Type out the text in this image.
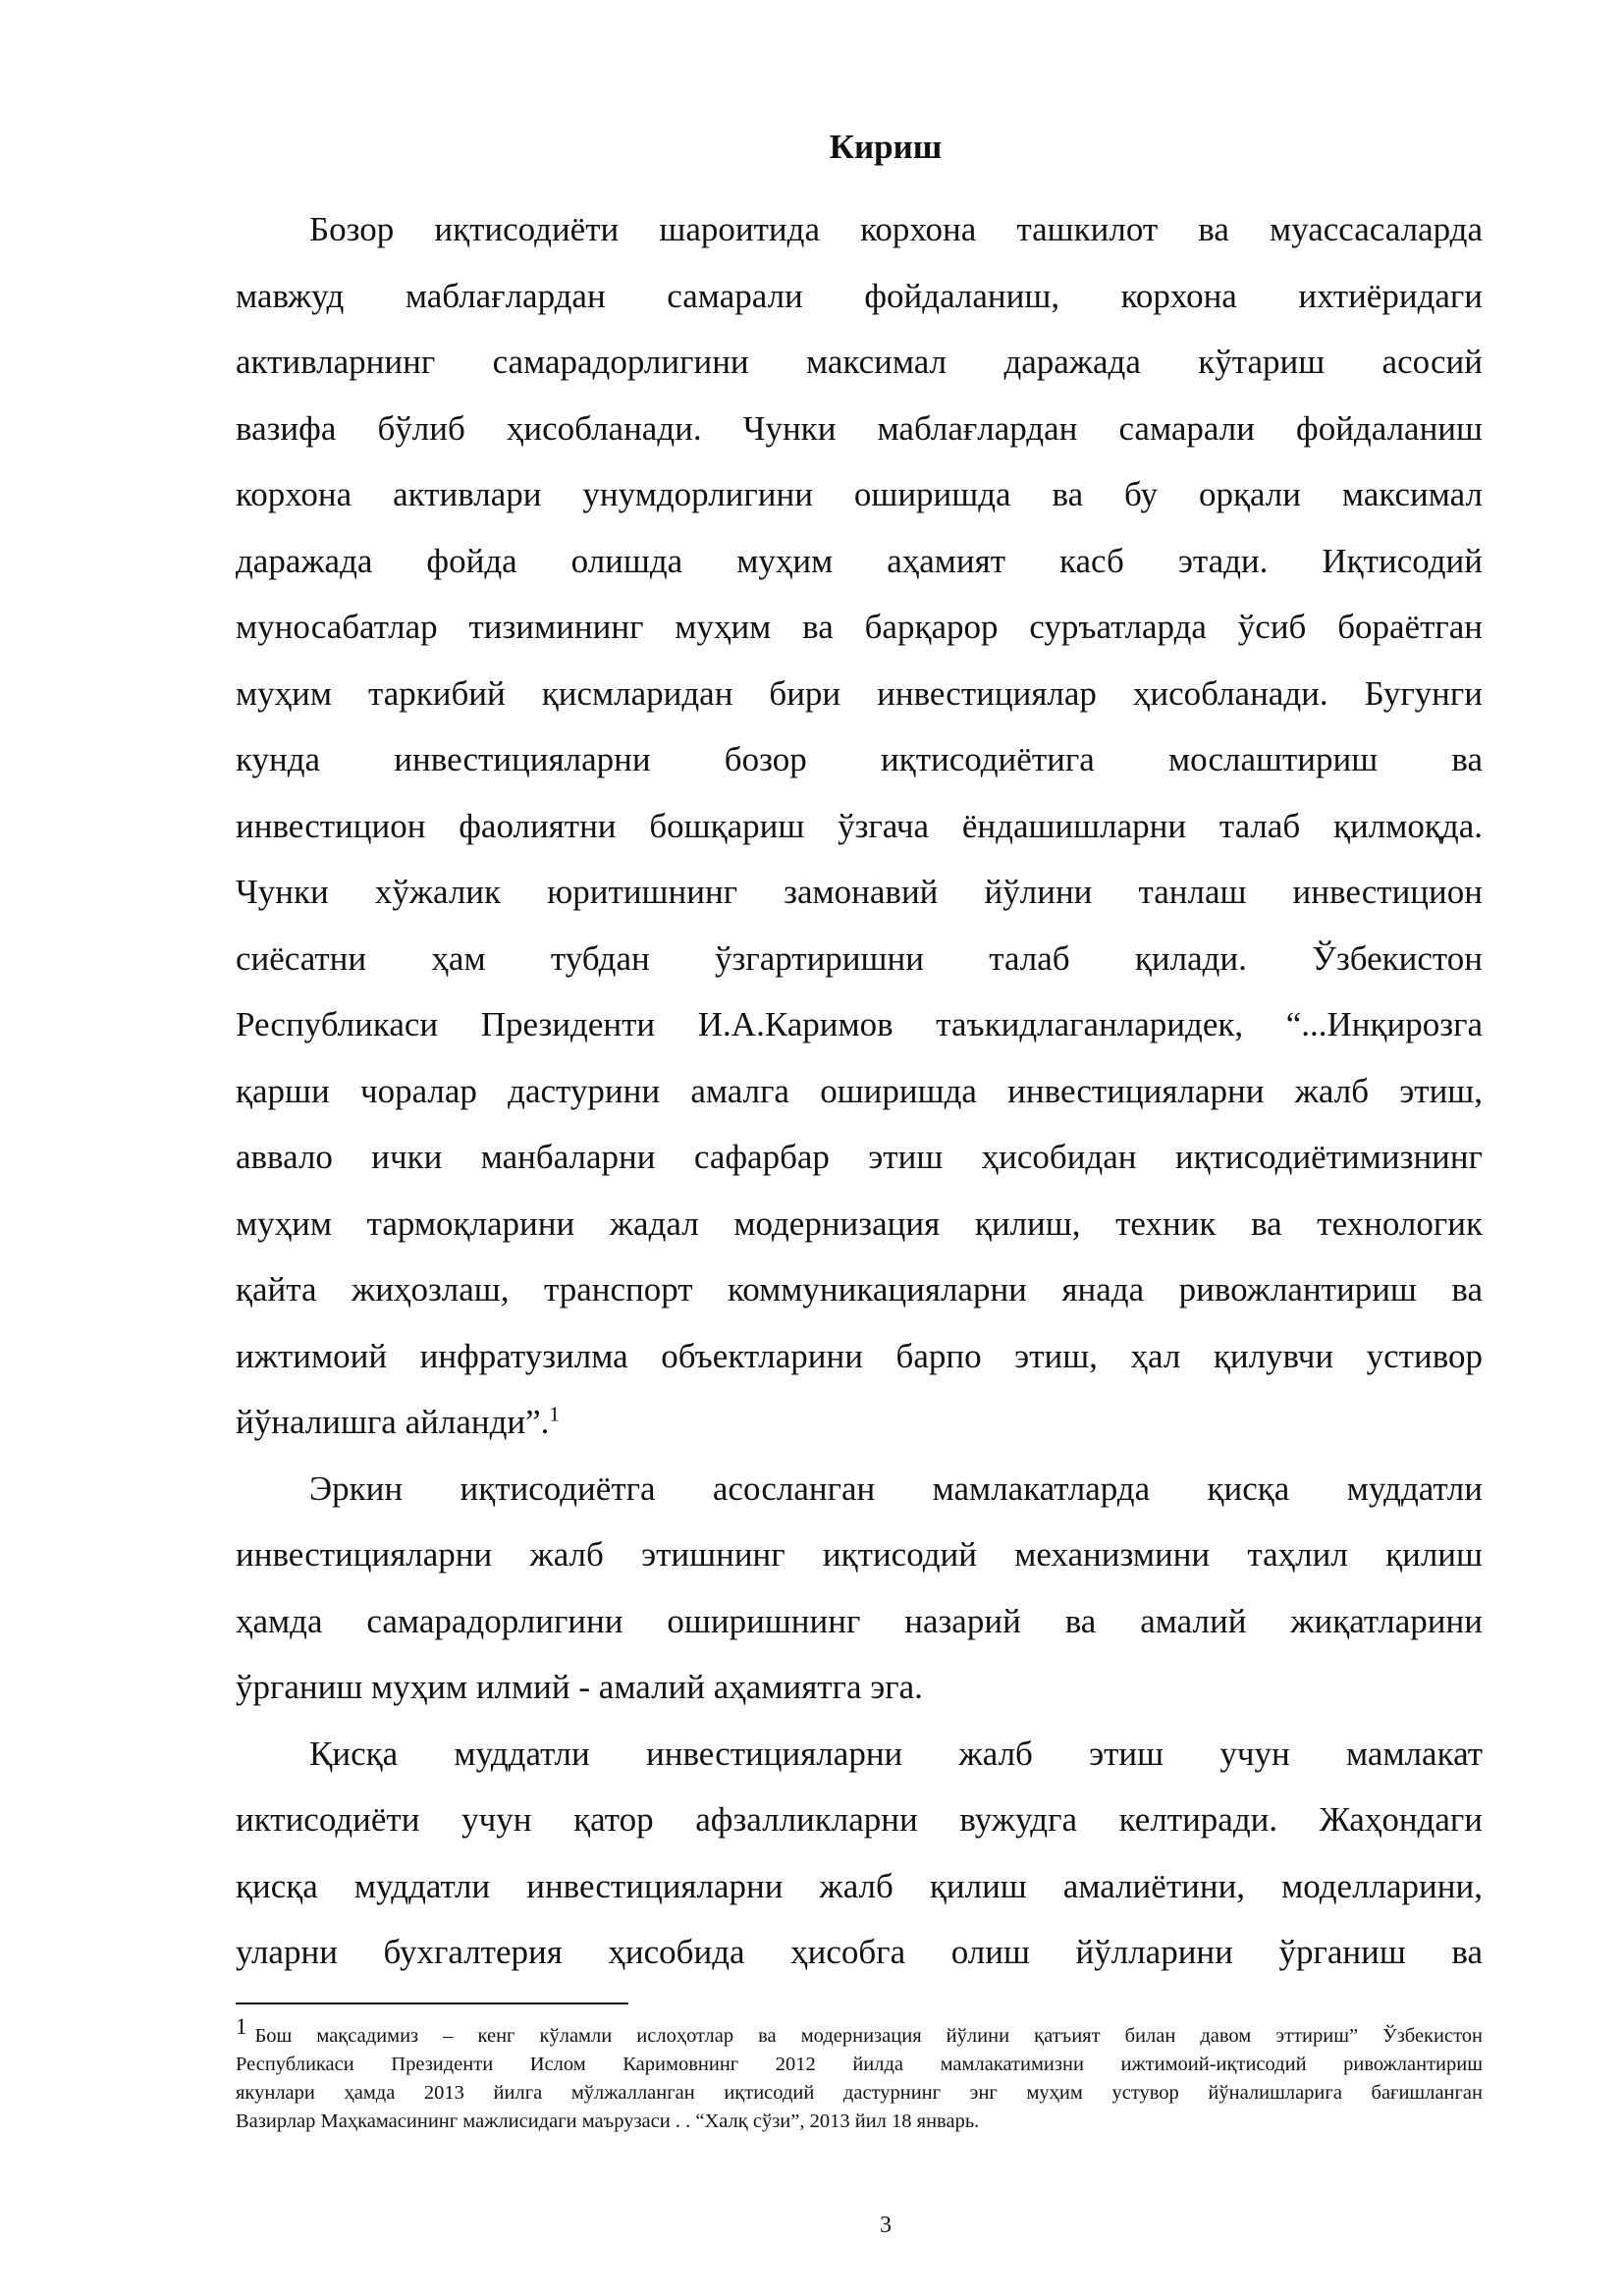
Кириш
Бозор иқтисодиёти шароитида корхона ташкилот ва муассасаларда
мавжуд маблағлардан самарали фойдаланиш, корхона ихтиёридаги
активларнинг самарадорлигини максимал даражада кўтариш асосий
вазифа бўлиб ҳисобланади. Чунки маблағлардан самарали фойдаланиш
корхона активлари унумдорлигини оширишда ва бу орқали максимал
даражада фойда олишда муҳим аҳамият касб этади. Иқтисодий
муносабатлар тизимининг муҳим ва барқарор суръатларда ўсиб бораётган
муҳим таркибий қисмларидан бири инвестициялар ҳисобланади. Бугунги
кунда инвестицияларни бозор иқтисодиётига мослаштириш ва
инвестицион фаолиятни бошқариш ўзгача ёндашишларни талаб қилмоқда.
Чунки хўжалик юритишнинг замонавий йўлини танлаш инвестицион
сиёсатни ҳам тубдан ўзгартиришни талаб қилади. Ўзбекистон
Республикаси Президенти И.А.Каримов таъкидлаганларидек, “...Инқирозга
қарши чоралар дастурини амалга оширишда инвестицияларни жалб этиш,
аввало ички манбаларни сафарбар этиш ҳисобидан иқтисодиётимизнинг
муҳим тармоқларини жадал модернизация қилиш, техник ва технологик
қайта жиҳозлаш, транспорт коммуникацияларни янада ривожлантириш ва
ижтимоий инфратузилма объектларини барпо этиш, ҳал қилувчи устивор
йўналишга айланди”.$^1$
Эркин иқтисодиётга асосланган мамлакатларда қисқа муддатли
инвестицияларни жалб этишнинг иқтисодий механизмини таҳлил қилиш
ҳамда самарадорлигини оширишнинг назарий ва амалий жиқатларини
ўрганиш муҳим илмий - амалий аҳамиятга эга.
Қисқа муддатли инвестицияларни жалб этиш учун мамлакат
иктисодиёти учун қатор афзалликларни вужудга келтиради. Жаҳондаги
қисқа муддатли инвестицияларни жалб қилиш амалиётини, моделларини,
уларни бухгалтерия ҳисобида ҳисобга олиш йўлларини ўрганиш ва
1 Бош мақсадимиз – кенг кўламли ислоҳотлар ва модернизация йўлини қатъият билан давом эттириш” Ўзбекистон
Республикаси Президенти Ислом Каримовнинг 2012 йилда мамлакатимизни ижтимоий-иқтисодий ривожлантириш
якунлари ҳамда 2013 йилга мўлжалланган иқтисодий дастурнинг энг муҳим устувор йўналишларига бағишланган
Вазирлар Маҳкамасининг мажлисидаги маърузаси . . “Халқ сўзи”, 2013 йил 18 январь.
3
